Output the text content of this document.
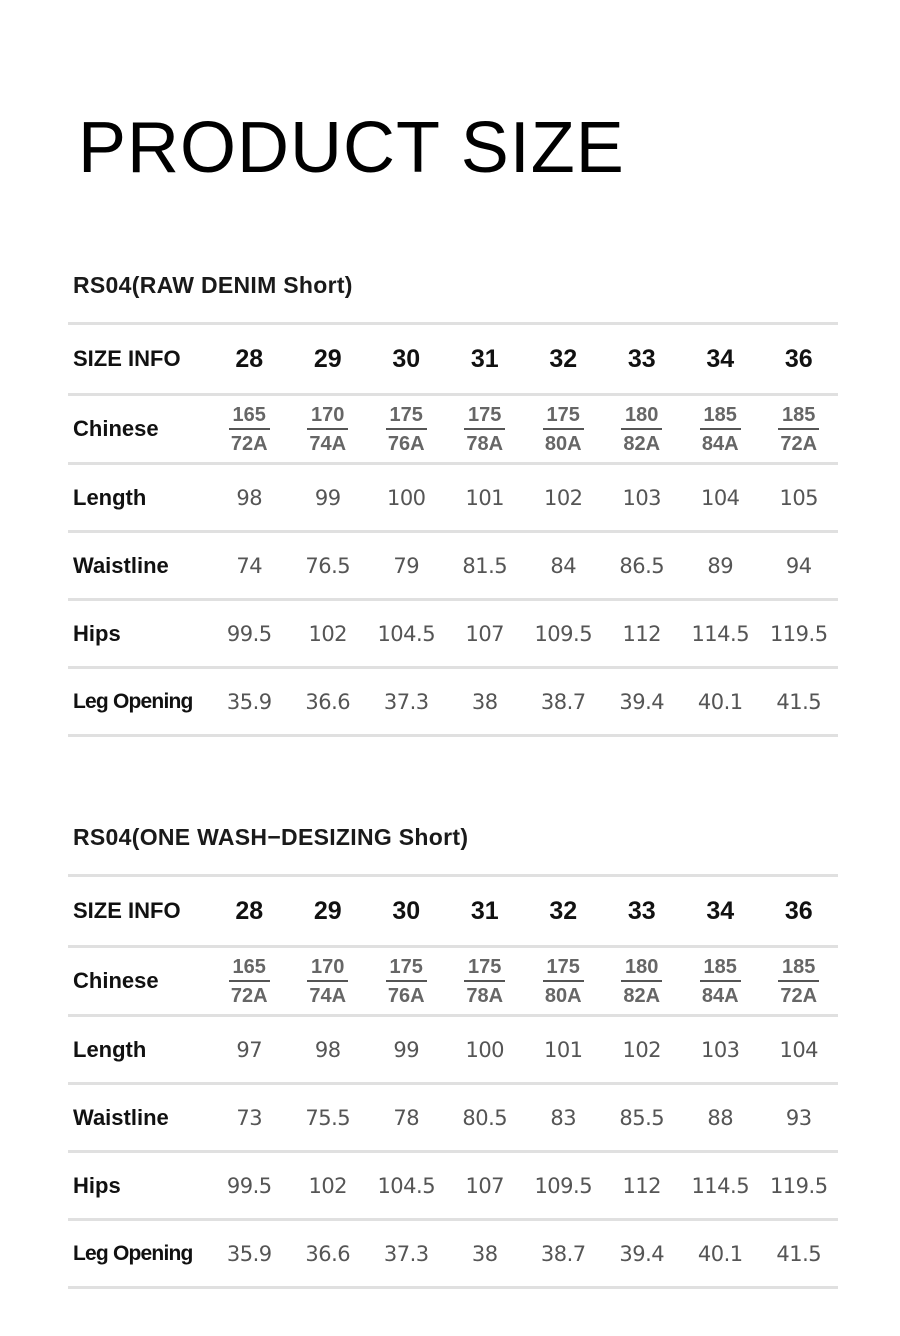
PRODUCT SIZE
RS04(RAW DENIM Short)
SIZE INFO	28	29	30	31	32	33	34	36
Chinese	$\frac{165}{72A}$	$\frac{170}{74A}$	$\frac{175}{76A}$	$\frac{175}{78A}$	$\frac{175}{80A}$	$\frac{180}{82A}$	$\frac{185}{84A}$	$\frac{185}{72A}$

Length	98	99	100	101	102	103	104	105
Waistline	74	76.5	79	81.5	84	86.5	89	94
Hips	99.5	102	104.5	107	109.5	112	114.5	119.5
Leg Opening	35.9	36.6	37.3	38	38.7	39.4	40.1	41.5
RS04(ONE WASH−DESIZING Short)
SIZE INFO	28	29	30	31	32	33	34	36
Chinese	$\frac{165}{72A}$	$\frac{170}{74A}$	$\frac{175}{76A}$	$\frac{175}{78A}$	$\frac{175}{80A}$	$\frac{180}{82A}$	$\frac{185}{84A}$	$\frac{185}{72A}$

Length	97	98	99	100	101	102	103	104
Waistline	73	75.5	78	80.5	83	85.5	88	93
Hips	99.5	102	104.5	107	109.5	112	114.5	119.5
Leg Opening	35.9	36.6	37.3	38	38.7	39.4	40.1	41.5
